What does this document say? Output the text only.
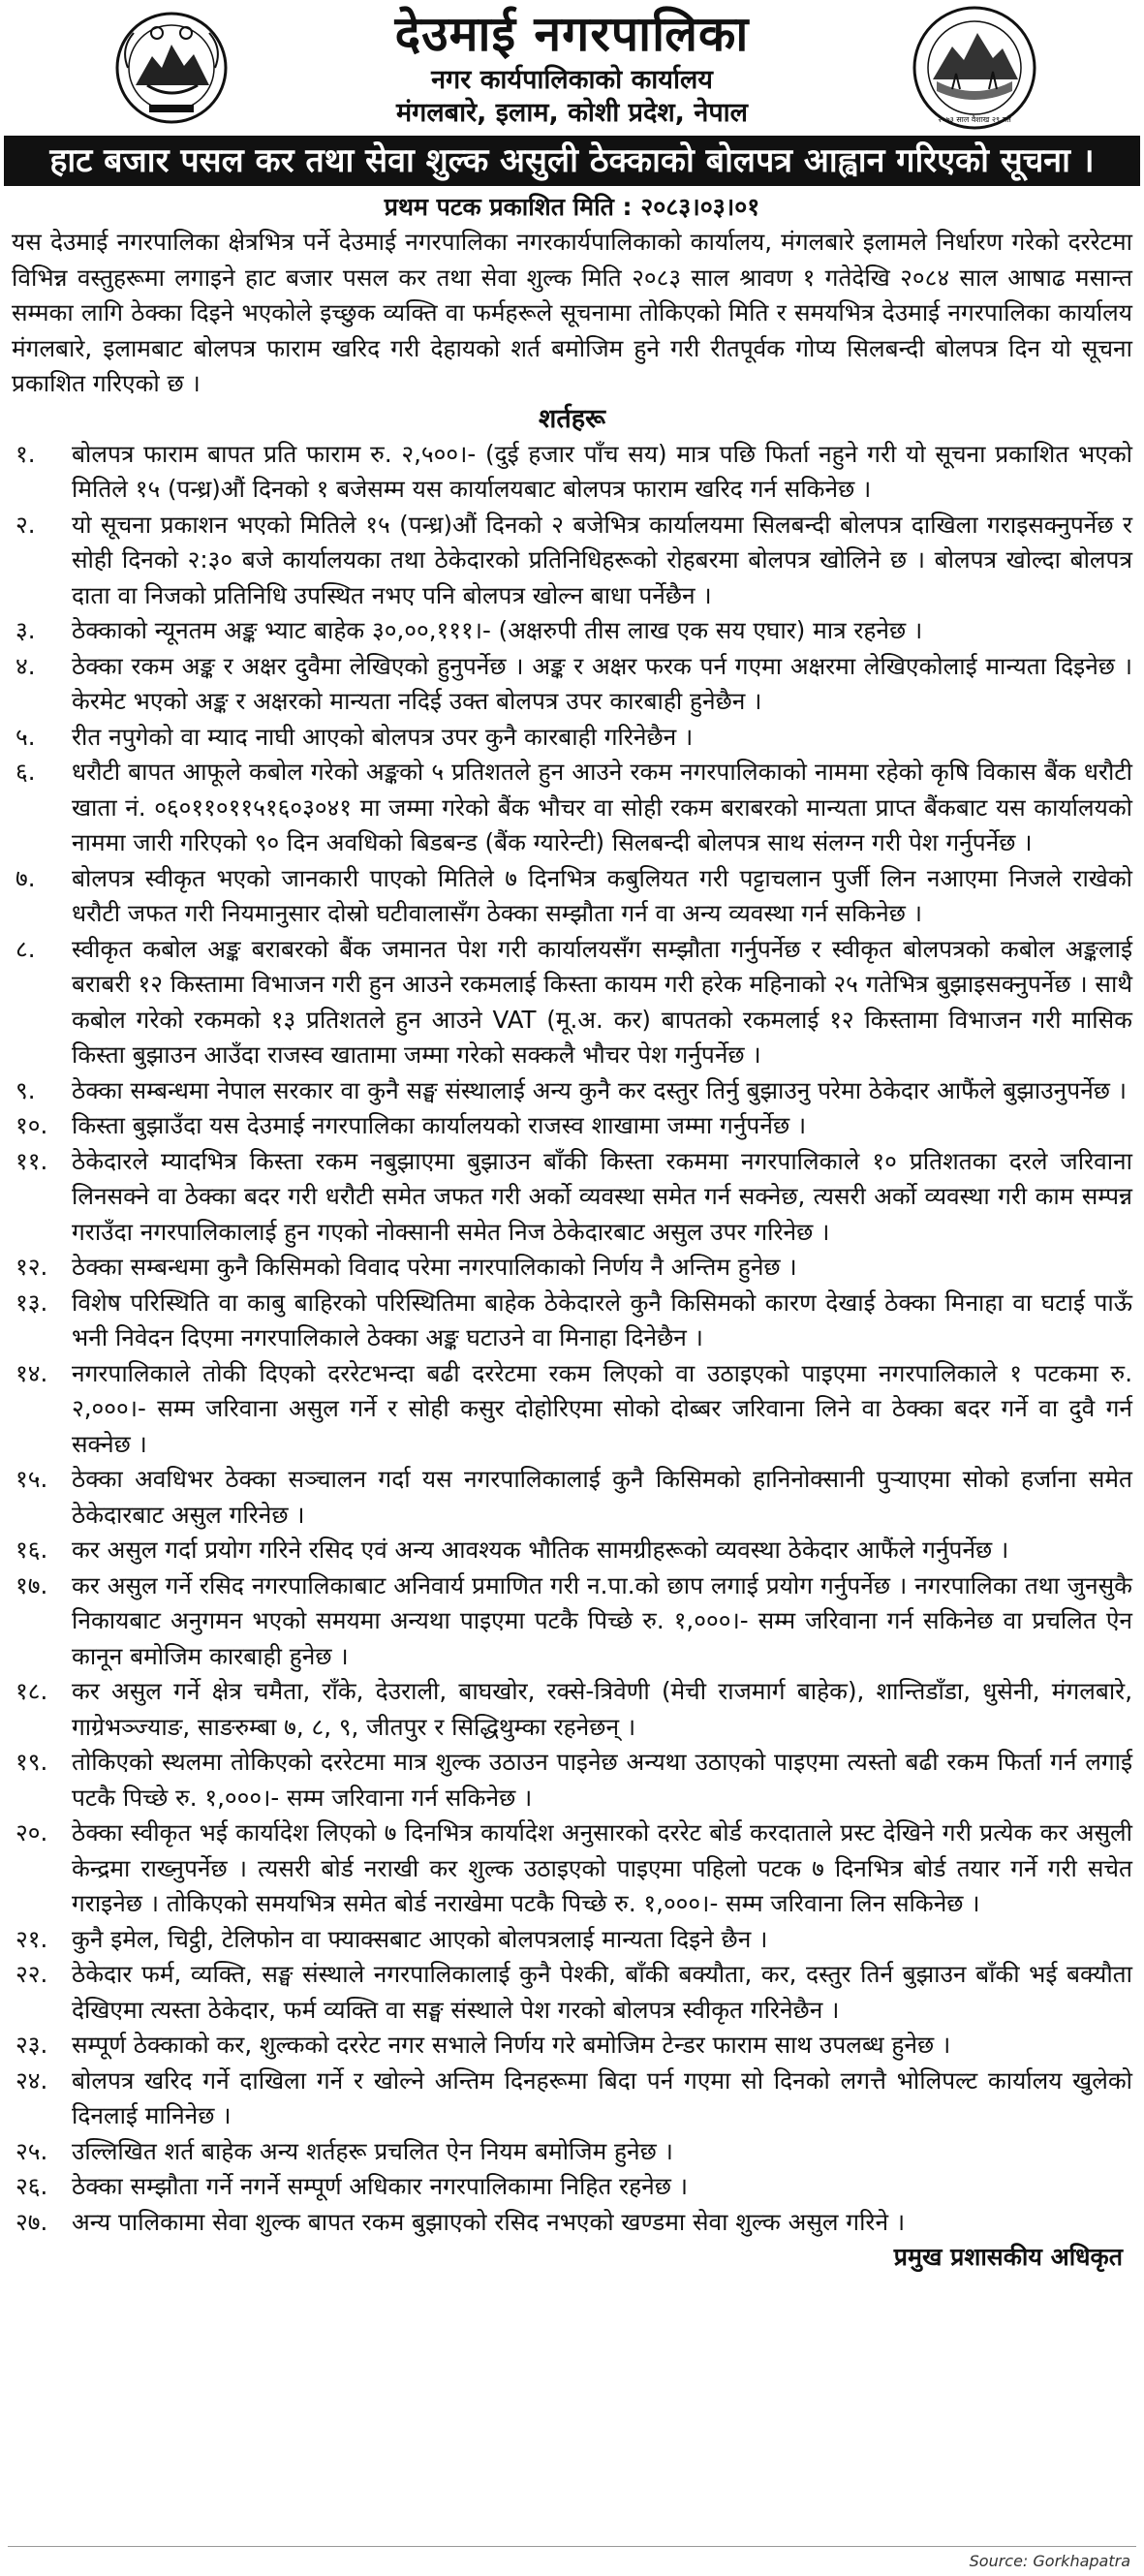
देउमाई नगरपालिका
नगर कार्यपालिकाको कार्यालय
मंगलबारे, इलाम, कोशी प्रदेश, नेपाल	२०७३ साल वैशाख २९ गते
हाट बजार पसल कर तथा सेवा शुल्क असुली ठेक्काको बोलपत्र आह्वान गरिएको सूचना ।
प्रथम पटक प्रकाशित मिति : २०८३।०३।०१

यस देउमाई नगरपालिका क्षेत्रभित्र पर्ने देउमाई नगरपालिका नगरकार्यपालिकाको कार्यालय, मंगलबारे इलामले निर्धारण गरेको दररेटमा विभिन्न वस्तुहरूमा लगाइने हाट बजार पसल कर तथा सेवा शुल्क मिति २०८३ साल श्रावण १ गतेदेखि २०८४ साल आषाढ मसान्त सम्मका लागि ठेक्का दिइने भएकोले इच्छुक व्यक्ति वा फर्महरूले सूचनामा तोकिएको मिति र समयभित्र देउमाई नगरपालिका कार्यालय मंगलबारे, इलामबाट बोलपत्र फाराम खरिद गरी देहायको शर्त बमोजिम हुने गरी रीतपूर्वक गोप्य सिलबन्दी बोलपत्र दिन यो सूचना प्रकाशित गरिएको छ ।

शर्तहरू
१.	बोलपत्र फाराम बापत प्रति फाराम रु. २,५००।- (दुई हजार पाँच सय) मात्र पछि फिर्ता नहुने गरी यो सूचना प्रकाशित भएको मितिले १५ (पन्ध्र)औं दिनको १ बजेसम्म यस कार्यालयबाट बोलपत्र फाराम खरिद गर्न सकिनेछ ।
२.	यो सूचना प्रकाशन भएको मितिले १५ (पन्ध्र)औं दिनको २ बजेभित्र कार्यालयमा सिलबन्दी बोलपत्र दाखिला गराइसक्नुपर्नेछ र सोही दिनको २:३० बजे कार्यालयका तथा ठेकेदारको प्रतिनिधिहरूको रोहबरमा बोलपत्र खोलिने छ । बोलपत्र खोल्दा बोलपत्र दाता वा निजको प्रतिनिधि उपस्थित नभए पनि बोलपत्र खोल्न बाधा पर्नेछैन ।
३.	ठेक्काको न्यूनतम अङ्क भ्याट बाहेक ३०,००,१११।- (अक्षरुपी तीस लाख एक सय एघार) मात्र रहनेछ ।
४.	ठेक्का रकम अङ्क र अक्षर दुवैमा लेखिएको हुनुपर्नेछ । अङ्क र अक्षर फरक पर्न गएमा अक्षरमा लेखिएकोलाई मान्यता दिइनेछ । केरमेट भएको अङ्क र अक्षरको मान्यता नदिई उक्त बोलपत्र उपर कारबाही हुनेछैन ।
५.	रीत नपुगेको वा म्याद नाघी आएको बोलपत्र उपर कुनै कारबाही गरिनेछैन ।
६.	धरौटी बापत आफूले कबोल गरेको अङ्कको ५ प्रतिशतले हुन आउने रकम नगरपालिकाको नाममा रहेको कृषि विकास बैंक धरौटी खाता नं. ०६०११०११५१६०३०४१ मा जम्मा गरेको बैंक भौचर वा सोही रकम बराबरको मान्यता प्राप्त बैंकबाट यस कार्यालयको नाममा जारी गरिएको ९० दिन अवधिको बिडबन्ड (बैंक ग्यारेन्टी) सिलबन्दी बोलपत्र साथ संलग्न गरी पेश गर्नुपर्नेछ ।
७.	बोलपत्र स्वीकृत भएको जानकारी पाएको मितिले ७ दिनभित्र कबुलियत गरी पट्टाचलान पुर्जी लिन नआएमा निजले राखेको धरौटी जफत गरी नियमानुसार दोस्रो घटीवालासँग ठेक्का सम्झौता गर्न वा अन्य व्यवस्था गर्न सकिनेछ ।
८.	स्वीकृत कबोल अङ्क बराबरको बैंक जमानत पेश गरी कार्यालयसँग सम्झौता गर्नुपर्नेछ र स्वीकृत बोलपत्रको कबोल अङ्कलाई बराबरी १२ किस्तामा विभाजन गरी हुन आउने रकमलाई किस्ता कायम गरी हरेक महिनाको २५ गतेभित्र बुझाइसक्नुपर्नेछ । साथै कबोल गरेको रकमको १३ प्रतिशतले हुन आउने VAT (मू.अ. कर) बापतको रकमलाई १२ किस्तामा विभाजन गरी मासिक किस्ता बुझाउन आउँदा राजस्व खातामा जम्मा गरेको सक्कलै भौचर पेश गर्नुपर्नेछ ।
९.	ठेक्का सम्बन्धमा नेपाल सरकार वा कुनै सङ्घ संस्थालाई अन्य कुनै कर दस्तुर तिर्नु बुझाउनु परेमा ठेकेदार आफैंले बुझाउनुपर्नेछ ।
१०.	किस्ता बुझाउँदा यस देउमाई नगरपालिका कार्यालयको राजस्व शाखामा जम्मा गर्नुपर्नेछ ।
११.	ठेकेदारले म्यादभित्र किस्ता रकम नबुझाएमा बुझाउन बाँकी किस्ता रकममा नगरपालिकाले १० प्रतिशतका दरले जरिवाना लिनसक्ने वा ठेक्का बदर गरी धरौटी समेत जफत गरी अर्को व्यवस्था समेत गर्न सक्नेछ, त्यसरी अर्को व्यवस्था गरी काम सम्पन्न गराउँदा नगरपालिकालाई हुन गएको नोक्सानी समेत निज ठेकेदारबाट असुल उपर गरिनेछ ।
१२.	ठेक्का सम्बन्धमा कुनै किसिमको विवाद परेमा नगरपालिकाको निर्णय नै अन्तिम हुनेछ ।
१३.	विशेष परिस्थिति वा काबु बाहिरको परिस्थितिमा बाहेक ठेकेदारले कुनै किसिमको कारण देखाई ठेक्का मिनाहा वा घटाई पाऊँ भनी निवेदन दिएमा नगरपालिकाले ठेक्का अङ्क घटाउने वा मिनाहा दिनेछैन ।
१४.	नगरपालिकाले तोकी दिएको दररेटभन्दा बढी दररेटमा रकम लिएको वा उठाइएको पाइएमा नगरपालिकाले १ पटकमा रु. २,०००।- सम्म जरिवाना असुल गर्ने र सोही कसुर दोहोरिएमा सोको दोब्बर जरिवाना लिने वा ठेक्का बदर गर्ने वा दुवै गर्न सक्नेछ ।
१५.	ठेक्का अवधिभर ठेक्का सञ्चालन गर्दा यस नगरपालिकालाई कुनै किसिमको हानिनोक्सानी पुऱ्याएमा सोको हर्जाना समेत ठेकेदारबाट असुल गरिनेछ ।
१६.	कर असुल गर्दा प्रयोग गरिने रसिद एवं अन्य आवश्यक भौतिक सामग्रीहरूको व्यवस्था ठेकेदार आफैंले गर्नुपर्नेछ ।
१७.	कर असुल गर्ने रसिद नगरपालिकाबाट अनिवार्य प्रमाणित गरी न.पा.को छाप लगाई प्रयोग गर्नुपर्नेछ । नगरपालिका तथा जुनसुकै निकायबाट अनुगमन भएको समयमा अन्यथा पाइएमा पटकै पिच्छे रु. १,०००।- सम्म जरिवाना गर्न सकिनेछ वा प्रचलित ऐन कानून बमोजिम कारबाही हुनेछ ।
१८.	कर असुल गर्ने क्षेत्र चमैता, राँके, देउराली, बाघखोर, रक्से-त्रिवेणी (मेची राजमार्ग बाहेक), शान्तिडाँडा, धुसेनी, मंगलबारे, गाग्रेभञ्ज्याङ, साङरुम्बा ७, ८, ९, जीतपुर र सिद्धिथुम्का रहनेछन् ।
१९.	तोकिएको स्थलमा तोकिएको दररेटमा मात्र शुल्क उठाउन पाइनेछ अन्यथा उठाएको पाइएमा त्यस्तो बढी रकम फिर्ता गर्न लगाई पटकै पिच्छे रु. १,०००।- सम्म जरिवाना गर्न सकिनेछ ।
२०.	ठेक्का स्वीकृत भई कार्यादेश लिएको ७ दिनभित्र कार्यादेश अनुसारको दररेट बोर्ड करदाताले प्रस्ट देखिने गरी प्रत्येक कर असुली केन्द्रमा राख्नुपर्नेछ । त्यसरी बोर्ड नराखी कर शुल्क उठाइएको पाइएमा पहिलो पटक ७ दिनभित्र बोर्ड तयार गर्ने गरी सचेत गराइनेछ । तोकिएको समयभित्र समेत बोर्ड नराखेमा पटकै पिच्छे रु. १,०००।- सम्म जरिवाना लिन सकिनेछ ।
२१.	कुनै इमेल, चिट्ठी, टेलिफोन वा फ्याक्सबाट आएको बोलपत्रलाई मान्यता दिइने छैन ।
२२.	ठेकेदार फर्म, व्यक्ति, सङ्घ संस्थाले नगरपालिकालाई कुनै पेश्की, बाँकी बक्यौता, कर, दस्तुर तिर्न बुझाउन बाँकी भई बक्यौता देखिएमा त्यस्ता ठेकेदार, फर्म व्यक्ति वा सङ्घ संस्थाले पेश गरको बोलपत्र स्वीकृत गरिनेछैन ।
२३.	सम्पूर्ण ठेक्काको कर, शुल्कको दररेट नगर सभाले निर्णय गरे बमोजिम टेन्डर फाराम साथ उपलब्ध हुनेछ ।
२४.	बोलपत्र खरिद गर्ने दाखिला गर्ने र खोल्ने अन्तिम दिनहरूमा बिदा पर्न गएमा सो दिनको लगत्तै भोलिपल्ट कार्यालय खुलेको दिनलाई मानिनेछ ।
२५.	उल्लिखित शर्त बाहेक अन्य शर्तहरू प्रचलित ऐन नियम बमोजिम हुनेछ ।
२६.	ठेक्का सम्झौता गर्ने नगर्ने सम्पूर्ण अधिकार नगरपालिकामा निहित रहनेछ ।
२७.	अन्य पालिकामा सेवा शुल्क बापत रकम बुझाएको रसिद नभएको खण्डमा सेवा शुल्क असुल गरिने ।
प्रमुख प्रशासकीय अधिकृत
Source: Gorkhapatra
